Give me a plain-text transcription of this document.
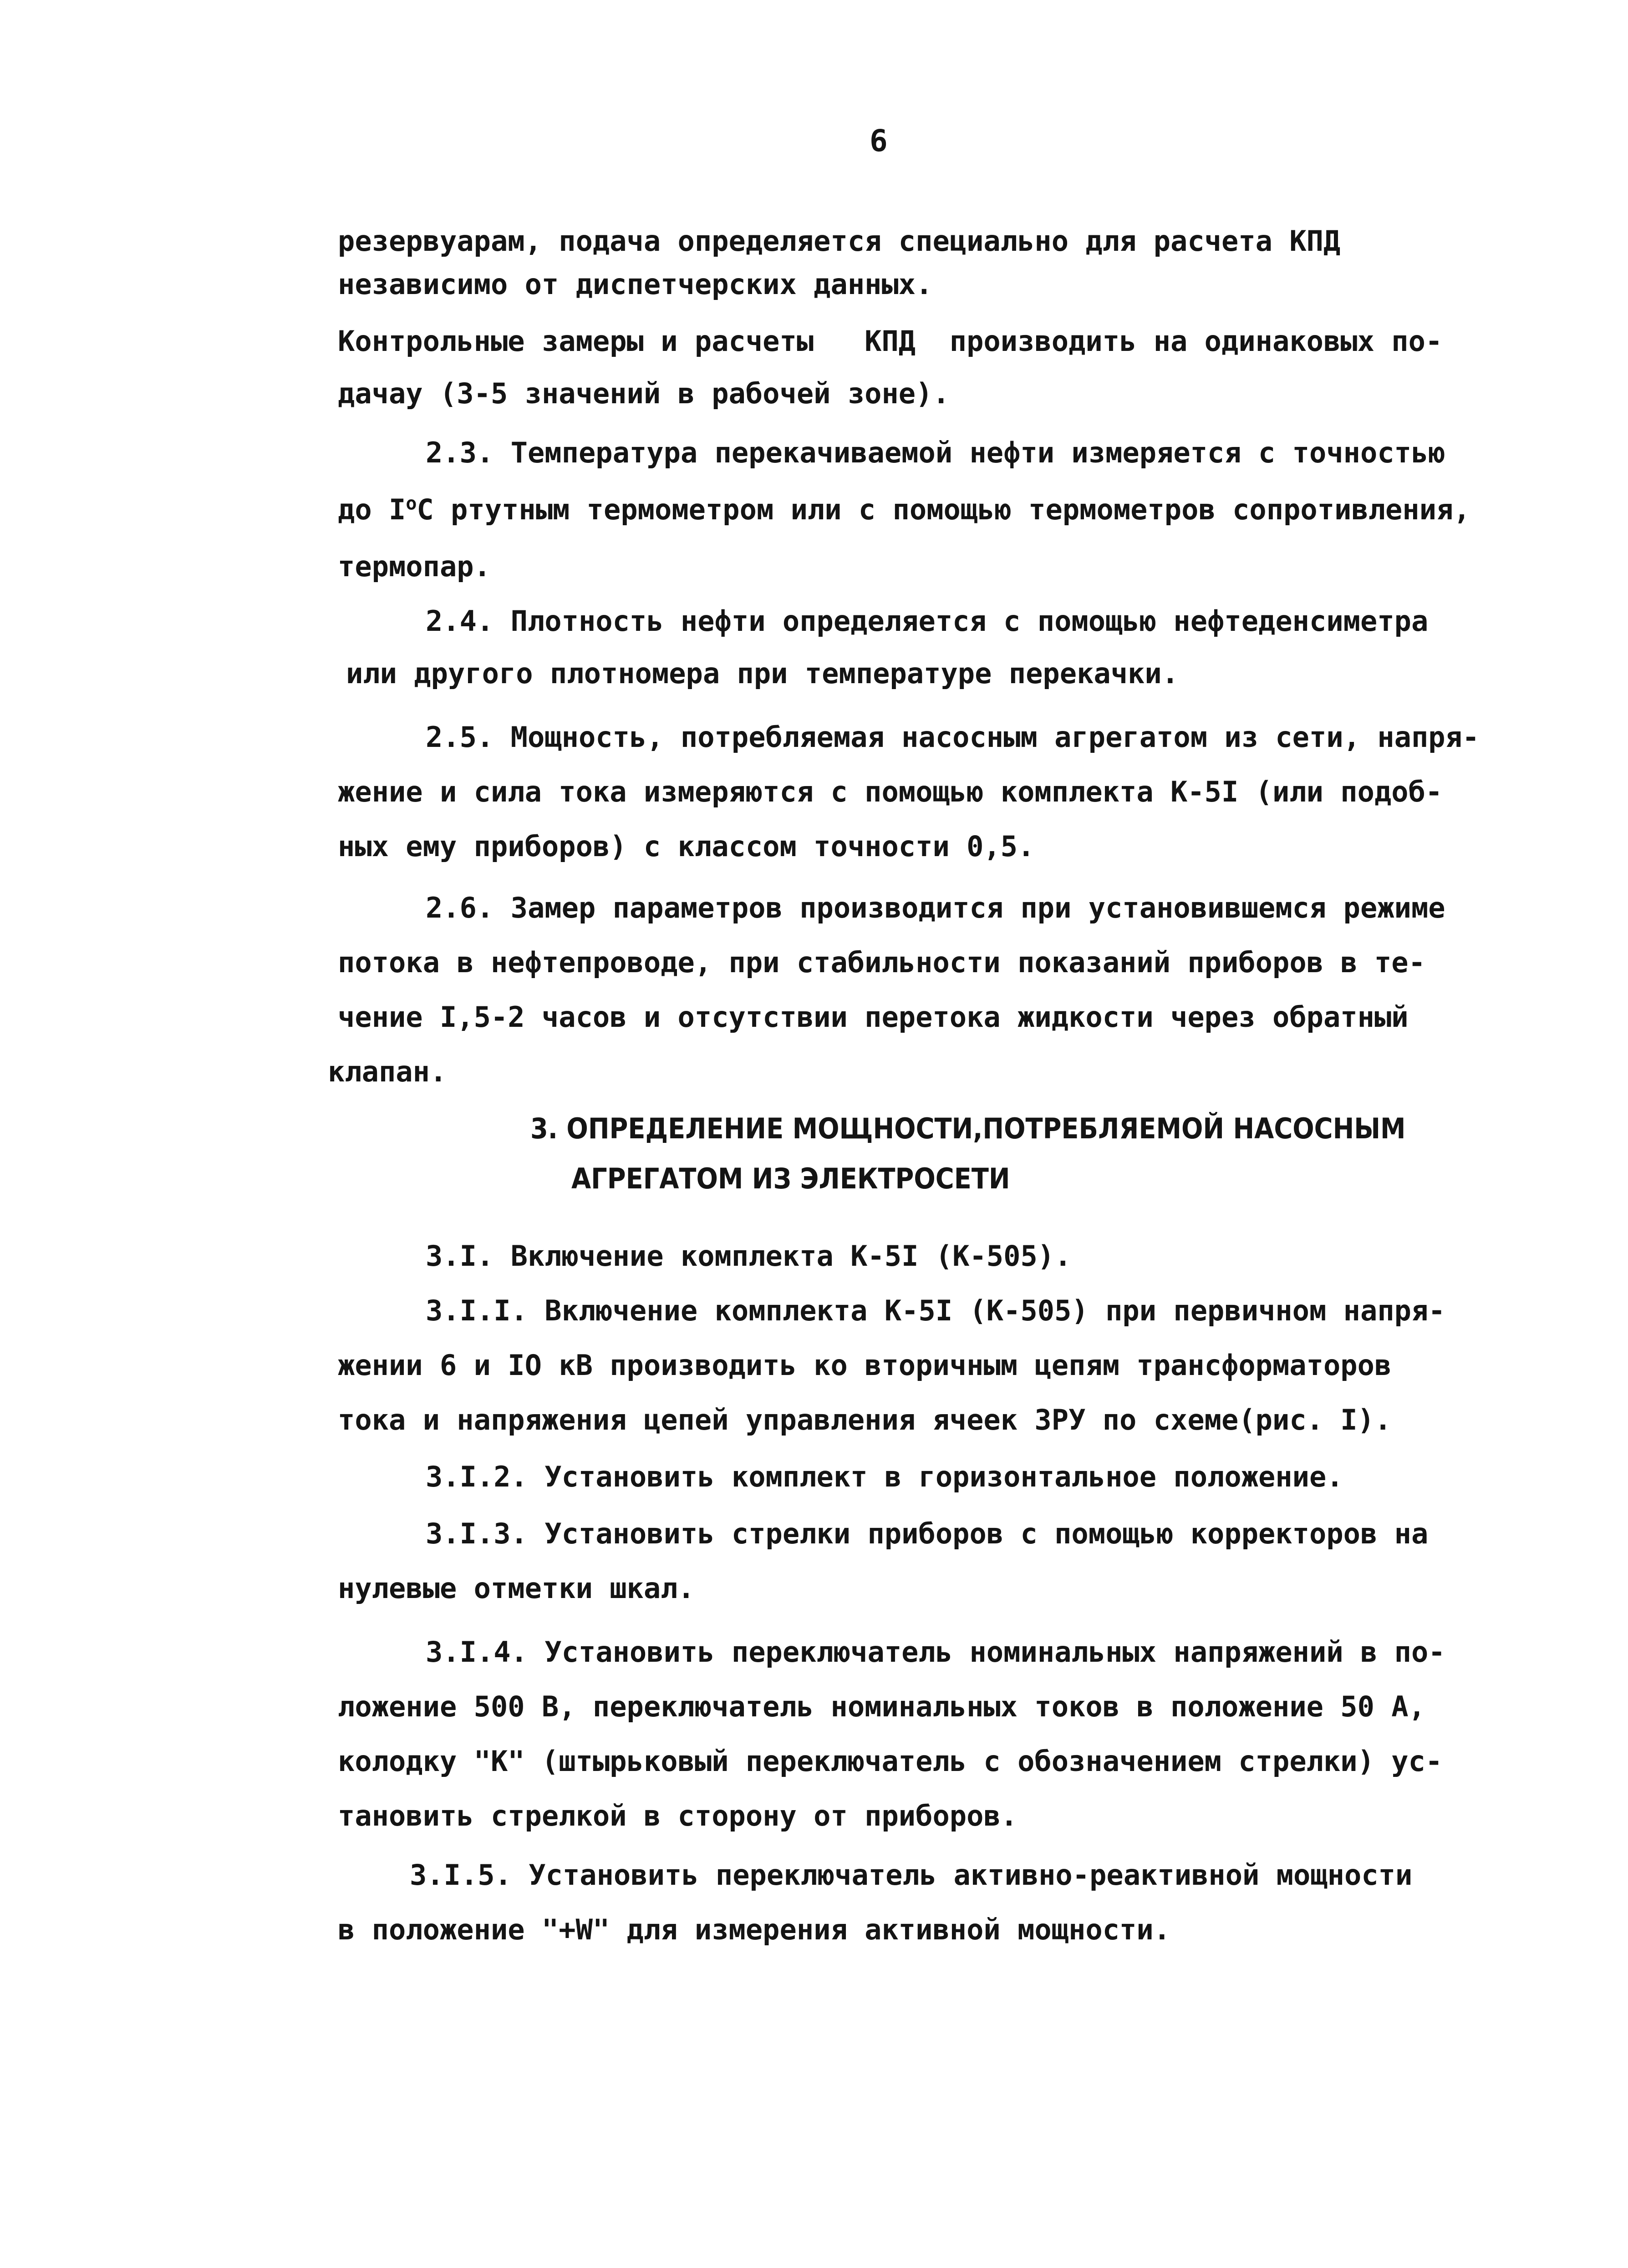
6
резервуарам, подача определяется специально для расчета КПД
независимо от диспетчерских данных.
Контрольные замеры и расчеты   КПД  производить на одинаковых по-
дачау (3-5 значений в рабочей зоне).
2.3. Температура перекачиваемой нефти измеряется с точностью
до $I^оС$ ртутным термометром или с помощью термометров сопротивления,
термопар.
2.4. Плотность нефти определяется с помощью нефтеденсиметра
или другого плотномера при температуре перекачки.
2.5. Мощность, потребляемая насосным агрегатом из сети, напря-
жение и сила тока измеряются с помощью комплекта К-5I (или подоб-
ных ему приборов) с классом точности 0,5.
2.6. Замер параметров производится при установившемся режиме
потока в нефтепроводе, при стабильности показаний приборов в те-
чение I,5-2 часов и отсутствии перетока жидкости через обратный
клапан.
3. ОПРЕДЕЛЕНИЕ МОЩНОСТИ,ПОТРЕБЛЯЕМОЙ НАСОСНЫМ
АГРЕГАТОМ ИЗ ЭЛЕКТРОСЕТИ
3.I. Включение комплекта К-5I (К-505).
3.I.I. Включение комплекта К-5I (К-505) при первичном напря-
жении 6 и IO кВ производить ко вторичным цепям трансформаторов
тока и напряжения цепей управления ячеек ЗРУ по схеме(рис. I).
3.I.2. Установить комплект в горизонтальное положение.
3.I.3. Установить стрелки приборов с помощью корректоров на
нулевые отметки шкал.
3.I.4. Установить переключатель номинальных напряжений в по-
ложение 500 В, переключатель номинальных токов в положение 50 А,
колодку "К" (штырьковый переключатель с обозначением стрелки) ус-
тановить стрелкой в сторону от приборов.
3.I.5. Установить переключатель активно-реактивной мощности
в положение "+W" для измерения активной мощности.
